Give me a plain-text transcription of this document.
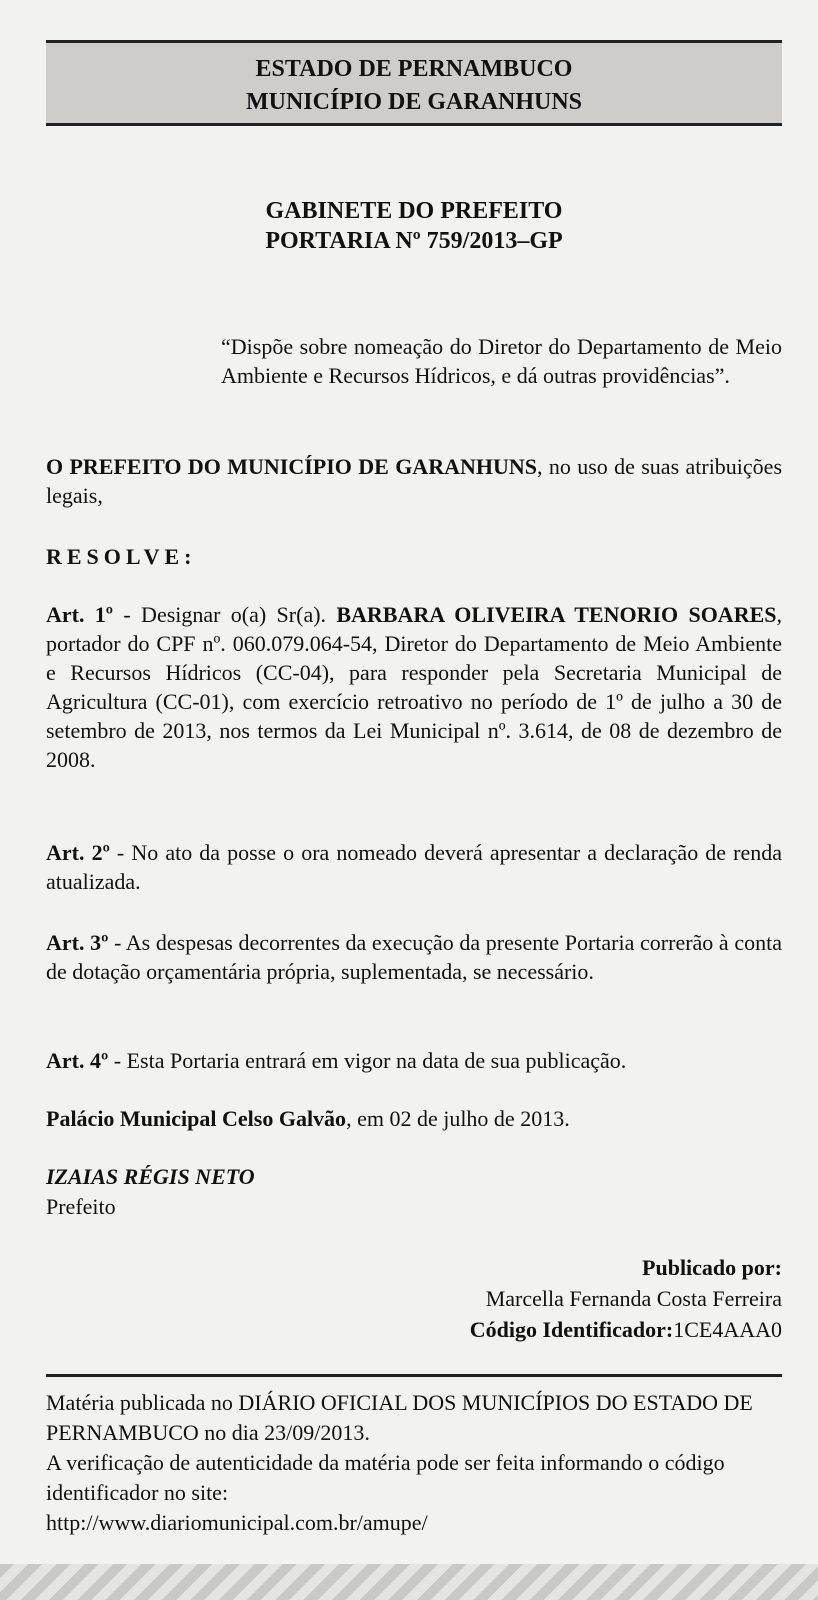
ESTADO DE PERNAMBUCO
MUNICÍPIO DE GARANHUNS
GABINETE DO PREFEITO
PORTARIA Nº 759/2013–GP
“Dispõe sobre nomeação do Diretor do Departamento de Meio Ambiente e Recursos Hídricos, e dá outras providências”.
O PREFEITO DO MUNICÍPIO DE GARANHUNS, no uso de suas atribuições legais,
RESOLVE:
Art. 1º - Designar o(a) Sr(a). BARBARA OLIVEIRA TENORIO SOARES, portador do CPF nº. 060.079.064-54, Diretor do Departamento de Meio Ambiente e Recursos Hídricos (CC-04), para responder pela Secretaria Municipal de Agricultura (CC-01), com exercício retroativo no período de 1º de julho a 30 de setembro de 2013, nos termos da Lei Municipal nº. 3.614, de 08 de dezembro de 2008.
Art. 2º - No ato da posse o ora nomeado deverá apresentar a declaração de renda atualizada.
Art. 3º - As despesas decorrentes da execução da presente Portaria correrão à conta de dotação orçamentária própria, suplementada, se necessário.
Art. 4º - Esta Portaria entrará em vigor na data de sua publicação.
Palácio Municipal Celso Galvão, em 02 de julho de 2013.
IZAIAS RÉGIS NETO
Prefeito
Publicado por:
Marcella Fernanda Costa Ferreira
Código Identificador:1CE4AAA0
Matéria publicada no DIÁRIO OFICIAL DOS MUNICÍPIOS DO ESTADO DE PERNAMBUCO no dia 23/09/2013.
A verificação de autenticidade da matéria pode ser feita informando o código identificador no site:
http://www.diariomunicipal.com.br/amupe/
